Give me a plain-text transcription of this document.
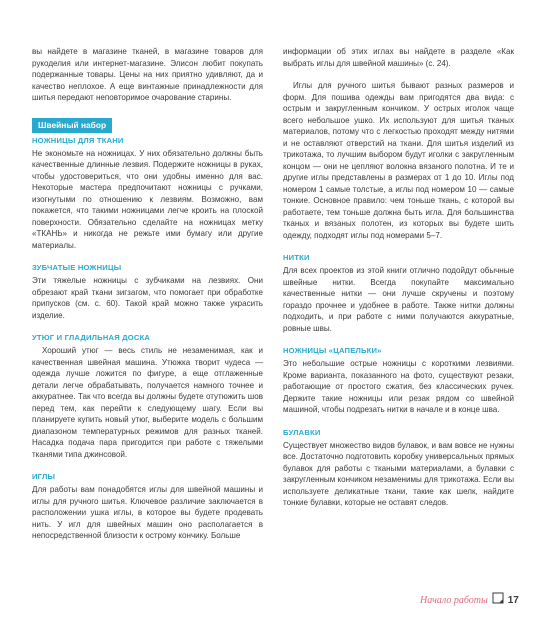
вы найдете в магазине тканей, в магазине товаров для рукоделия или интернет-магазине. Элисон любит покупать подержанные товары. Цены на них приятно удивляют, да и качество неплохое. А еще винтажные принадлежности для шитья передают неповторимое очарование старины.

Швейный набор
НОЖНИЦЫ ДЛЯ ТКАНИ

Не экономьте на ножницах. У них обязательно должны быть качественные длинные лезвия. Подержите ножницы в руках, чтобы удостовериться, что они удобны именно для вас. Некоторые мастера предпочитают ножницы с ручками, изогнутыми по отношению к лезвиям. Возможно, вам покажется, что такими ножницами легче кроить на плоской поверхности. Обязательно сделайте на ножницах метку «ТКАНЬ» и никогда не режьте ими бумагу или другие материалы.

ЗУБЧАТЫЕ НОЖНИЦЫ

Эти тяжелые ножницы с зубчиками на лезвиях. Они обрезают край ткани зигзагом, что помогает при обработке припусков (см. с. 60). Такой край можно также украсить изделие.

УТЮГ И ГЛАДИЛЬНАЯ ДОСКА

Хороший утюг — весь стиль не незаменимая, как и качественная швейная машина. Утюжка творит чудеса — одежда лучше ложится по фигуре, а еще отглаженные детали легче обрабатывать, получается намного точнее и аккуратнее. Так что всегда вы должны будете отутюжить шов перед тем, как перейти к следующему шагу. Если вы планируете купить новый утюг, выберите модель с большим диапазоном температурных режимов для разных тканей. Насадка подача пара пригодится при работе с тяжелыми тканями типа джинсовой.

ИГЛЫ

Для работы вам понадобятся иглы для швейной машины и иглы для ручного шитья. Ключевое различие заключается в расположении ушка иглы, в которое вы будете продевать нить. У игл для швейных машин оно располагается в непосредственной близости к острому кончику. Больше

информации об этих иглах вы найдете в разделе «Как выбрать иглы для швейной машины» (с. 24).

Иглы для ручного шитья бывают разных размеров и форм. Для пошива одежды вам пригодятся два вида: с острым и закругленным кончиком. У острых иголок чаще всего небольшое ушко. Их используют для шитья тканых материалов, потому что с легкостью проходят между нитями и не оставляют отверстий на ткани. Для шитья изделий из трикотажа, то лучшим выбором будут иголки с закругленным концом — они не цепляют волокна вязаного полотна. И те и другие иглы представлены в размерах от 1 до 10. Иглы под номером 1 самые толстые, а иглы под номером 10 — самые тонкие. Основное правило: чем тоньше ткань, с которой вы работаете, тем тоньше должна быть игла. Для большинства тканых и вязаных полотен, из которых вы будете шить одежду, подходят иглы под номерами 5–7.

НИТКИ

Для всех проектов из этой книги отлично подойдут обычные швейные нитки. Всегда покупайте максимально качественные нитки — они лучше скручены и поэтому гораздо прочнее и удобнее в работе. Также нитки должны подходить, и при работе с ними получаются аккуратные, ровные швы.

НОЖНИЦЫ «ЦАПЕЛЬКИ»

Это небольшие острые ножницы с короткими лезвиями. Кроме варианта, показанного на фото, существуют резаки, работающие от простого сжатия, без классических ручек. Держите такие ножницы или резак рядом со швейной машиной, чтобы подрезать нитки в начале и в конце шва.

БУЛАВКИ

Существует множество видов булавок, и вам вовсе не нужны все. Достаточно подготовить коробку универсальных прямых булавок для работы с ткаными материалами, а булавки с закругленным кончиком незаменимы для трикотажа. Если вы используете деликатные ткани, такие как шелк, найдите тонкие булавки, которые не оставят следов.

Начало работы 17
